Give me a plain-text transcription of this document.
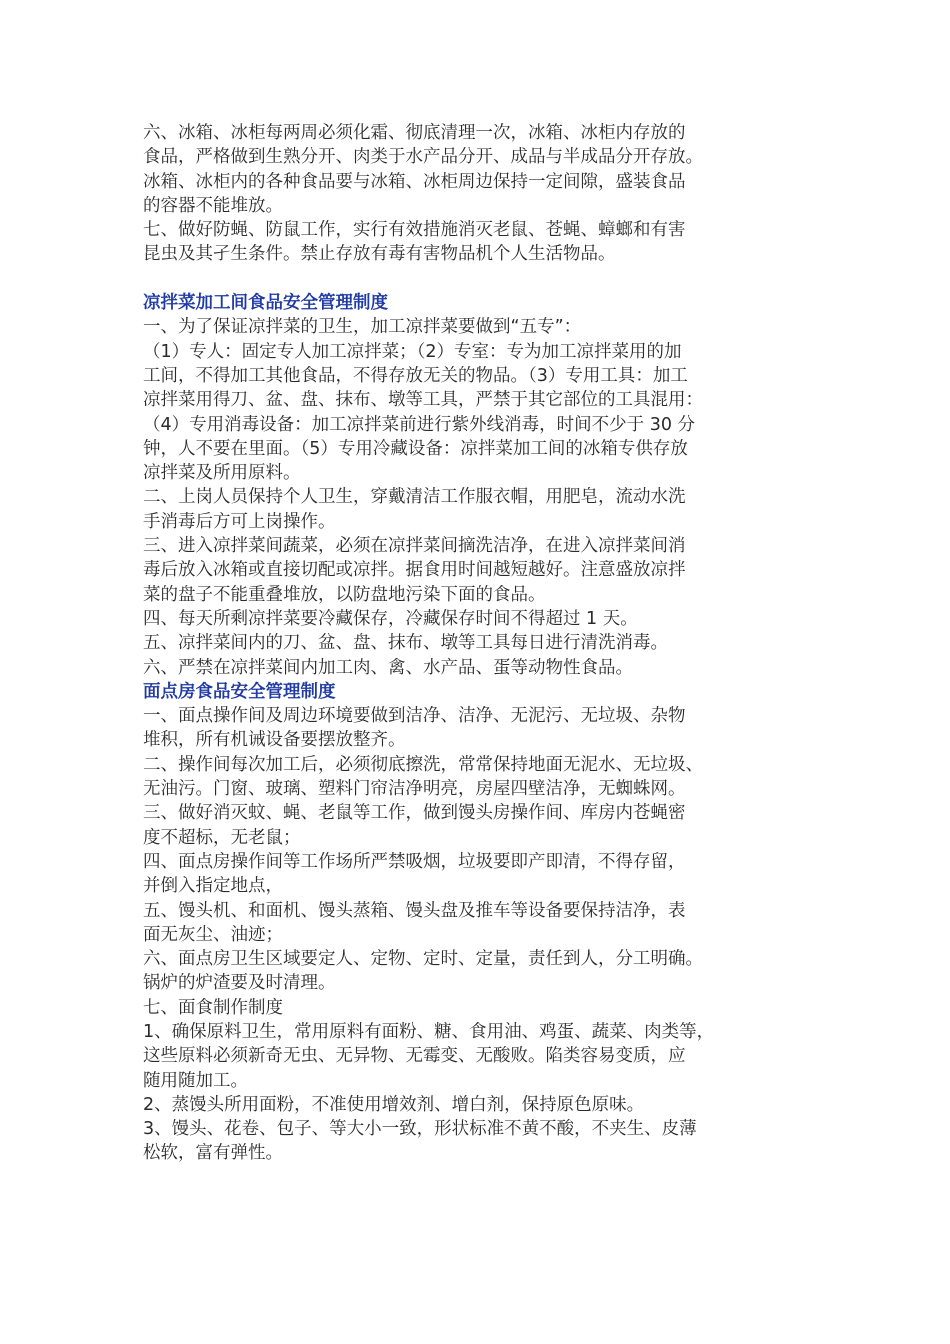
六、冰箱、冰柜每两周必须化霜、彻底清理一次，冰箱、冰柜内存放的
食品，严格做到生熟分开、肉类于水产品分开、成品与半成品分开存放。
冰箱、冰柜内的各种食品要与冰箱、冰柜周边保持一定间隙，盛装食品
的容器不能堆放。
七、做好防蝇、防鼠工作，实行有效措施消灭老鼠、苍蝇、蟑螂和有害
昆虫及其孑生条件。禁止存放有毒有害物品机个人生活物品。
凉拌菜加工间食品安全管理制度
一、为了保证凉拌菜的卫生，加工凉拌菜要做到“五专”：
（1）专人：固定专人加工凉拌菜；（2）专室：专为加工凉拌菜用的加
工间，不得加工其他食品，不得存放无关的物品。（3）专用工具：加工
凉拌菜用得刀、盆、盘、抹布、墩等工具，严禁于其它部位的工具混用：
（4）专用消毒设备：加工凉拌菜前进行紫外线消毒，时间不少于 30 分
钟，人不要在里面。（5）专用冷藏设备：凉拌菜加工间的冰箱专供存放
凉拌菜及所用原料。
二、上岗人员保持个人卫生，穿戴清洁工作服衣帽，用肥皂，流动水洗
手消毒后方可上岗操作。
三、进入凉拌菜间蔬菜，必须在凉拌菜间摘洗洁净，在进入凉拌菜间消
毒后放入冰箱或直接切配或凉拌。据食用时间越短越好。注意盛放凉拌
菜的盘子不能重叠堆放，以防盘地污染下面的食品。
四、每天所剩凉拌菜要冷藏保存，冷藏保存时间不得超过 1 天。
五、凉拌菜间内的刀、盆、盘、抹布、墩等工具每日进行清洗消毒。
六、严禁在凉拌菜间内加工肉、禽、水产品、蛋等动物性食品。
面点房食品安全管理制度
一、面点操作间及周边环境要做到洁净、洁净、无泥污、无垃圾、杂物
堆积，所有机诫设备要摆放整齐。
二、操作间每次加工后，必须彻底擦洗，常常保持地面无泥水、无垃圾、
无油污。门窗、玻璃、塑料门帘洁净明亮，房屋四壁洁净，无蜘蛛网。
三、做好消灭蚊、蝇、老鼠等工作，做到馒头房操作间、库房内苍蝇密
度不超标，无老鼠；
四、面点房操作间等工作场所严禁吸烟，垃圾要即产即清，不得存留，
并倒入指定地点，
五、馒头机、和面机、馒头蒸箱、馒头盘及推车等设备要保持洁净，表
面无灰尘、油迹；
六、面点房卫生区域要定人、定物、定时、定量，责任到人，分工明确。
锅炉的炉渣要及时清理。
七、面食制作制度
1、确保原料卫生，常用原料有面粉、糖、食用油、鸡蛋、蔬菜、肉类等，
这些原料必须新奇无虫、无异物、无霉变、无酸败。陷类容易变质，应
随用随加工。
2、蒸馒头所用面粉，不准使用增效剂、增白剂，保持原色原味。
3、馒头、花卷、包子、等大小一致，形状标准不黄不酸，不夹生、皮薄
松软，富有弹性。
